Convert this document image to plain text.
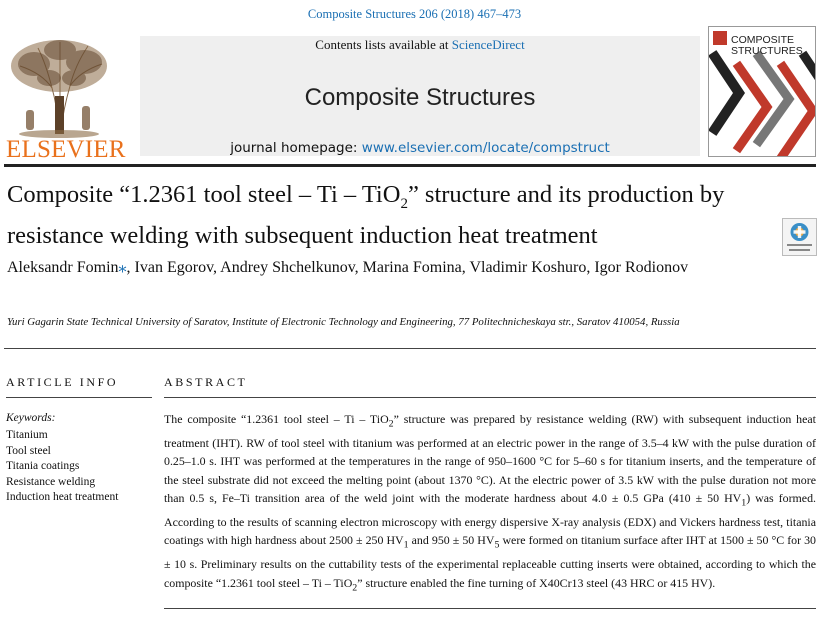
Composite Structures 206 (2018) 467–473
ELSEVIER
Contents lists available at ScienceDirect
Composite Structures
journal homepage: www.elsevier.com/locate/compstruct
COMPOSITE
STRUCTURES
Composite “1.2361 tool steel – Ti – TiO$_2$” structure and its production by resistance welding with subsequent induction heat treatment
Aleksandr Fomin⁎, Ivan Egorov, Andrey Shchelkunov, Marina Fomina, Vladimir Koshuro, Igor Rodionov
Yuri Gagarin State Technical University of Saratov, Institute of Electronic Technology and Engineering, 77 Politechnicheskaya str., Saratov 410054, Russia
ARTICLE INFO	ABSTRACT
Keywords:
Titanium
Tool steel
Titania coatings
Resistance welding
Induction heat treatment
The composite “1.2361 tool steel – Ti – TiO$_2$” structure was prepared by resistance welding (RW) with subsequent induction heat treatment (IHT). RW of tool steel with titanium was performed at an electric power in the range of 3.5–4 kW with the pulse duration of 0.25–1.0 s. IHT was performed at the temperatures in the range of 950–1600 °C for 5–60 s for titanium inserts, and the temperature of the steel substrate did not exceed the melting point (about 1370 °C). At the electric power of 3.5 kW with the pulse duration not more than 0.5 s, Fe–Ti transition area of the weld joint with the moderate hardness about 4.0 ± 0.5 GPa (410 ± 50 $HV_1$) was formed. According to the results of scanning electron microscopy with energy dispersive X-ray analysis (EDX) and Vickers hardness test, titania coatings with high hardness about 2500 ± 250 $HV_1$ and 950 ± 50 $HV_5$ were formed on titanium surface after IHT at 1500 ± 50 °C for 30 ± 10 s. Preliminary results on the cuttability tests of the experimental replaceable cutting inserts were obtained, according to which the composite “1.2361 tool steel – Ti – TiO$_2$” structure enabled the fine turning of X40Cr13 steel (43 HRC or 415 HV).
